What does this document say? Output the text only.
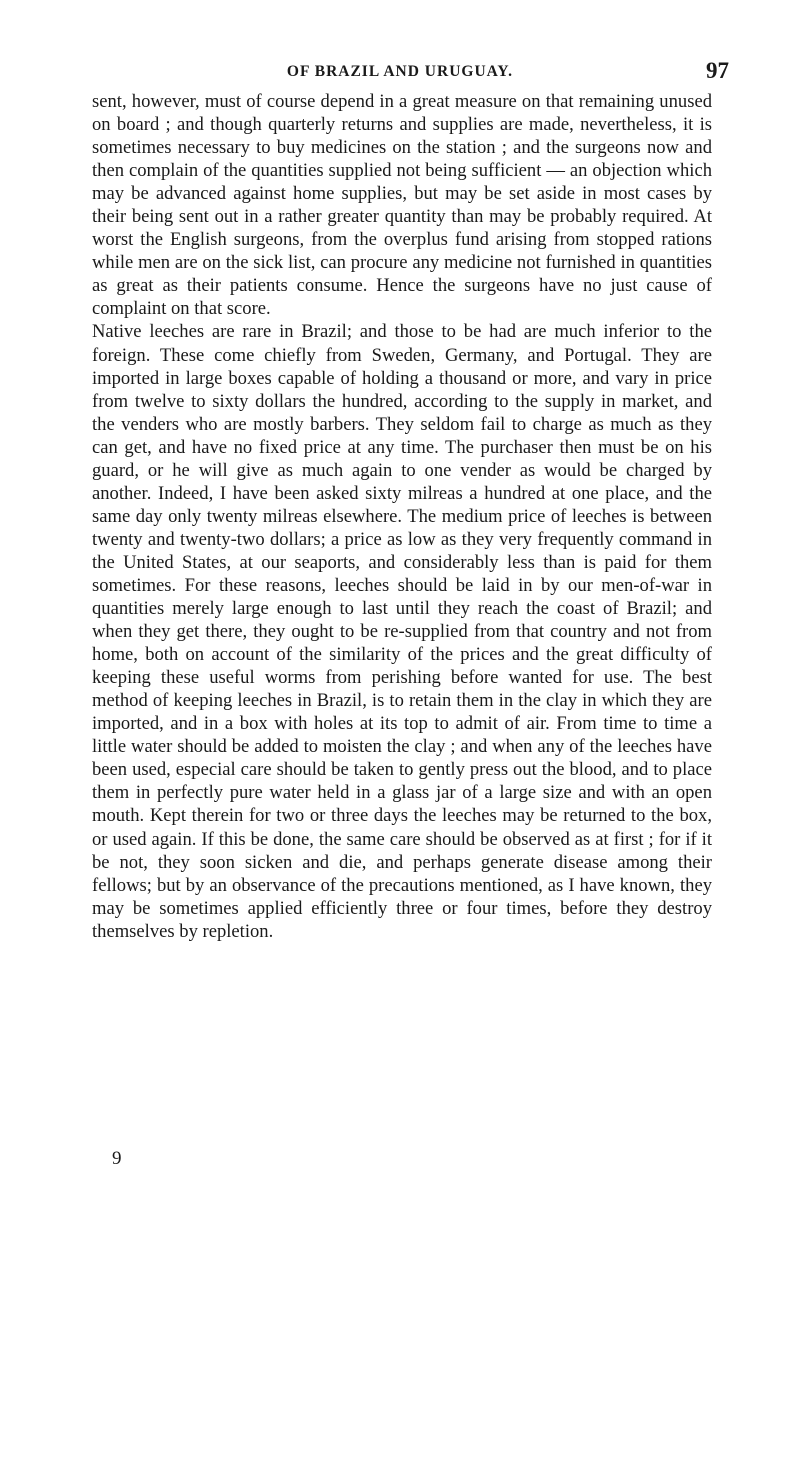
OF BRAZIL AND URUGUAY.	97

sent, however, must of course depend in a great measure on that remaining unused on board ; and though quarterly returns and supplies are made, nevertheless, it is sometimes necessary to buy medicines on the station ; and the surgeons now and then complain of the quantities supplied not being sufficient — an objection which may be advanced against home supplies, but may be set aside in most cases by their being sent out in a rather greater quantity than may be probably required. At worst the English surgeons, from the overplus fund arising from stopped rations while men are on the sick list, can procure any medicine not furnished in quantities as great as their patients consume. Hence the surgeons have no just cause of complaint on that score.

Native leeches are rare in Brazil; and those to be had are much inferior to the foreign. These come chiefly from Sweden, Germany, and Portugal. They are imported in large boxes capable of holding a thousand or more, and vary in price from twelve to sixty dollars the hundred, according to the supply in market, and the venders who are mostly barbers. They seldom fail to charge as much as they can get, and have no fixed price at any time. The purchaser then must be on his guard, or he will give as much again to one vender as would be charged by another. Indeed, I have been asked sixty milreas a hundred at one place, and the same day only twenty milreas elsewhere. The medium price of leeches is between twenty and twenty-two dollars; a price as low as they very frequently command in the United States, at our seaports, and considerably less than is paid for them sometimes. For these reasons, leeches should be laid in by our men-of-war in quantities merely large enough to last until they reach the coast of Brazil; and when they get there, they ought to be re-supplied from that country and not from home, both on account of the similarity of the prices and the great difficulty of keeping these useful worms from perishing before wanted for use. The best method of keeping leeches in Brazil, is to retain them in the clay in which they are imported, and in a box with holes at its top to admit of air. From time to time a little water should be added to moisten the clay ; and when any of the leeches have been used, especial care should be taken to gently press out the blood, and to place them in perfectly pure water held in a glass jar of a large size and with an open mouth. Kept therein for two or three days the leeches may be returned to the box, or used again. If this be done, the same care should be observed as at first ; for if it be not, they soon sicken and die, and perhaps generate disease among their fellows; but by an observance of the precautions mentioned, as I have known, they may be sometimes applied efficiently three or four times, before they destroy themselves by repletion.

9
